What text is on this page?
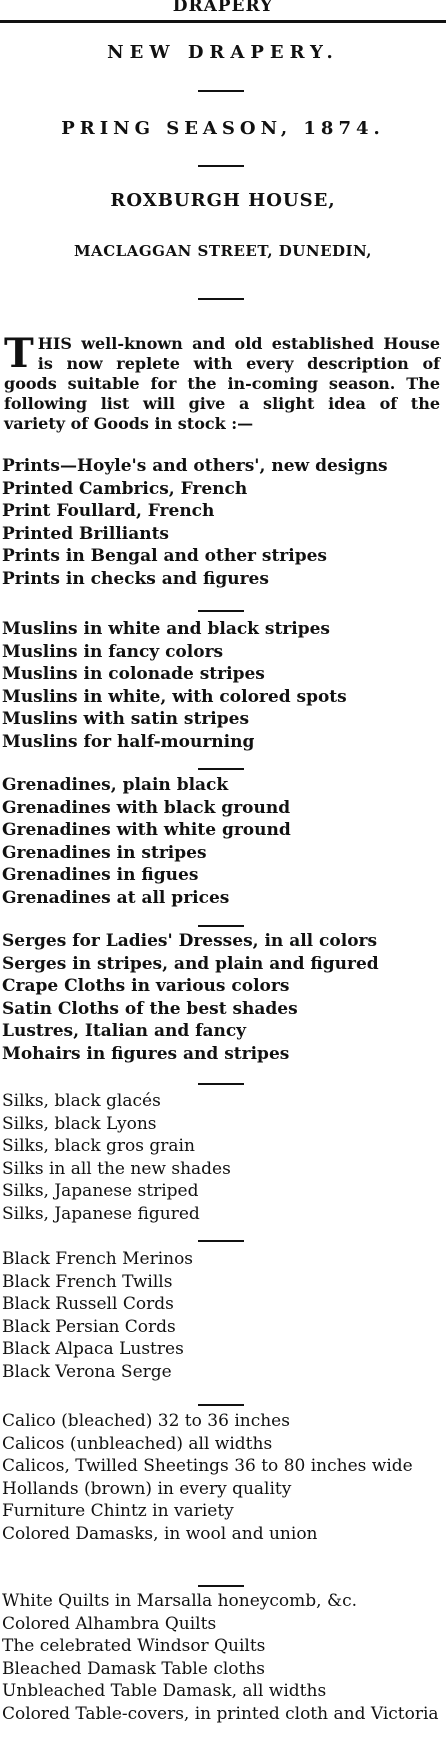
DRAPERY
NEW DRAPERY.
PRING SEASON, 1874.
ROXBURGH HOUSE,
MACLAGGAN STREET, DUNEDIN,
THIS well-known and old established House is now replete with every description of goods suitable for the in-coming season. The following list will give a slight idea of the variety of Goods in stock :—
Prints—Hoyle's and others', new designs
Printed Cambrics, French
Print Foullard, French
Printed Brilliants
Prints in Bengal and other stripes
Prints in checks and figures
Muslins in white and black stripes
Muslins in fancy colors
Muslins in colonade stripes
Muslins in white, with colored spots
Muslins with satin stripes
Muslins for half-mourning
Grenadines, plain black
Grenadines with black ground
Grenadines with white ground
Grenadines in stripes
Grenadines in figues
Grenadines at all prices
Serges for Ladies' Dresses, in all colors
Serges in stripes, and plain and figured
Crape Cloths in various colors
Satin Cloths of the best shades
Lustres, Italian and fancy
Mohairs in figures and stripes
Silks, black glacés
Silks, black Lyons
Silks, black gros grain
Silks in all the new shades
Silks, Japanese striped
Silks, Japanese figured
Black French Merinos
Black French Twills
Black Russell Cords
Black Persian Cords
Black Alpaca Lustres
Black Verona Serge
Calico (bleached) 32 to 36 inches
Calicos (unbleached) all widths
Calicos, Twilled Sheetings 36 to 80 inches wide
Hollands (brown) in every quality
Furniture Chintz in variety
Colored Damasks, in wool and union
White Quilts in Marsalla honeycomb, &c.
Colored Alhambra Quilts
The celebrated Windsor Quilts
Bleached Damask Table cloths
Unbleached Table Damask, all widths
Colored Table-covers, in printed cloth and Victoria
